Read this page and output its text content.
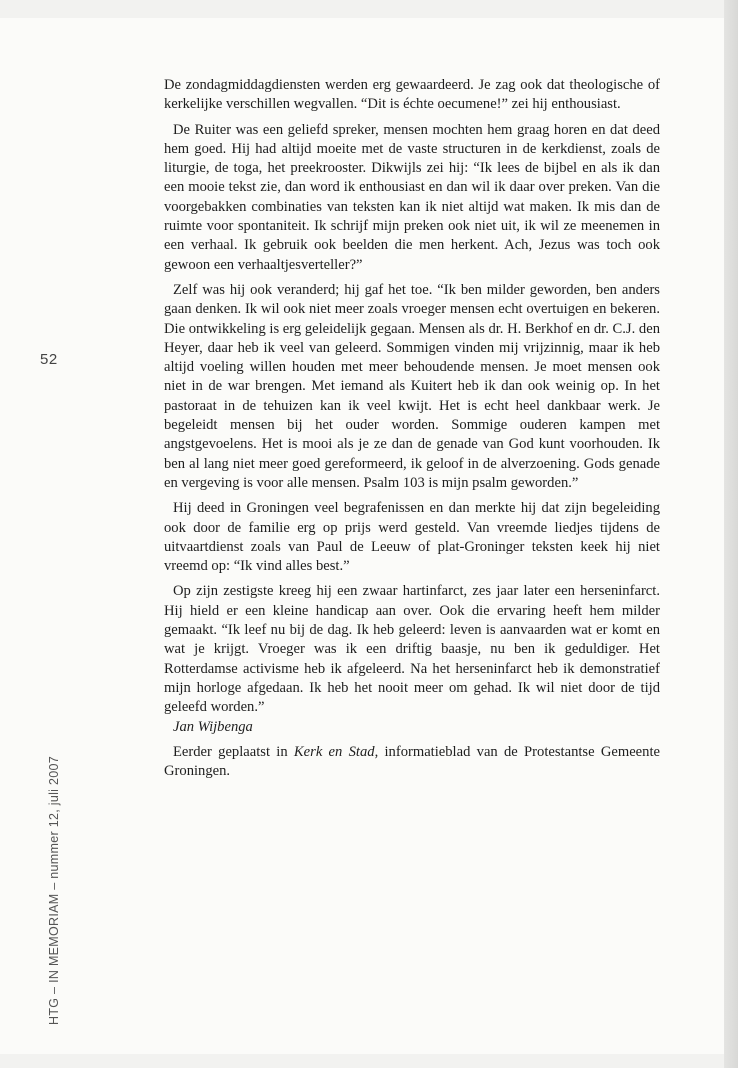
52
HTG – IN MEMORIAM – nummer 12, juli 2007

De zondagmiddagdiensten werden erg gewaardeerd. Je zag ook dat theologische of kerkelijke verschillen wegvallen. “Dit is échte oecumene!” zei hij enthousiast.

De Ruiter was een geliefd spreker, mensen mochten hem graag horen en dat deed hem goed. Hij had altijd moeite met de vaste structuren in de kerkdienst, zoals de liturgie, de toga, het preekrooster. Dikwijls zei hij: “Ik lees de bijbel en als ik dan een mooie tekst zie, dan word ik enthousiast en dan wil ik daar over preken. Van die voorgebakken combinaties van teksten kan ik niet altijd wat maken. Ik mis dan de ruimte voor spontaniteit. Ik schrijf mijn preken ook niet uit, ik wil ze meenemen in een verhaal. Ik gebruik ook beelden die men herkent. Ach, Jezus was toch ook gewoon een verhaaltjesverteller?”

Zelf was hij ook veranderd; hij gaf het toe. “Ik ben milder geworden, ben anders gaan denken. Ik wil ook niet meer zoals vroeger mensen echt overtuigen en bekeren. Die ontwikkeling is erg geleidelijk gegaan. Mensen als dr. H. Berkhof en dr. C.J. den Heyer, daar heb ik veel van geleerd. Sommigen vinden mij vrijzinnig, maar ik heb altijd voeling willen houden met meer behoudende mensen. Je moet mensen ook niet in de war brengen. Met iemand als Kuitert heb ik dan ook weinig op. In het pastoraat in de tehuizen kan ik veel kwijt. Het is echt heel dankbaar werk. Je begeleidt mensen bij het ouder worden. Sommige ouderen kampen met angstgevoelens. Het is mooi als je ze dan de genade van God kunt voorhouden. Ik ben al lang niet meer goed gereformeerd, ik geloof in de alverzoening. Gods genade en vergeving is voor alle mensen. Psalm 103 is mijn psalm geworden.”

Hij deed in Groningen veel begrafenissen en dan merkte hij dat zijn begeleiding ook door de familie erg op prijs werd gesteld. Van vreemde liedjes tijdens de uitvaartdienst zoals van Paul de Leeuw of plat-Groninger teksten keek hij niet vreemd op: “Ik vind alles best.”

Op zijn zestigste kreeg hij een zwaar hartinfarct, zes jaar later een herseninfarct. Hij hield er een kleine handicap aan over. Ook die ervaring heeft hem milder gemaakt. “Ik leef nu bij de dag. Ik heb geleerd: leven is aanvaarden wat er komt en wat je krijgt. Vroeger was ik een driftig baasje, nu ben ik geduldiger. Het Rotterdamse activisme heb ik afgeleerd. Na het herseninfarct heb ik demonstratief mijn horloge afgedaan. Ik heb het nooit meer om gehad. Ik wil niet door de tijd geleefd worden.”

Jan Wijbenga

Eerder geplaatst in Kerk en Stad, informatieblad van de Protestantse Gemeente Groningen.
